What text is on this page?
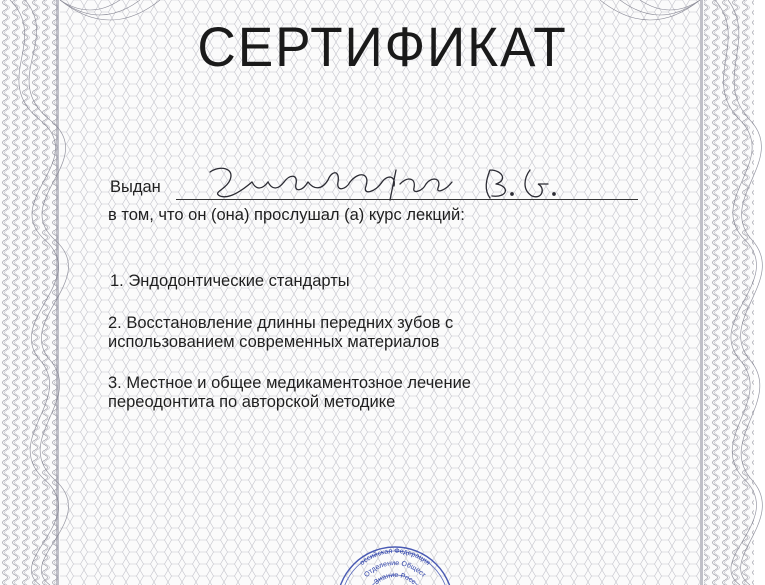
СЕРТИФИКАТ
Выдан
в том, что он (она) прослушал (а) курс лекций:
1. Эндодонтические стандарты
2. Восстановление длинны передних зубов с использованием современных материалов
3. Местное и общее медикаментозное лечение переодонтита по авторской методике
оссийская Федерация
Отделение Общест
Знание Росс
